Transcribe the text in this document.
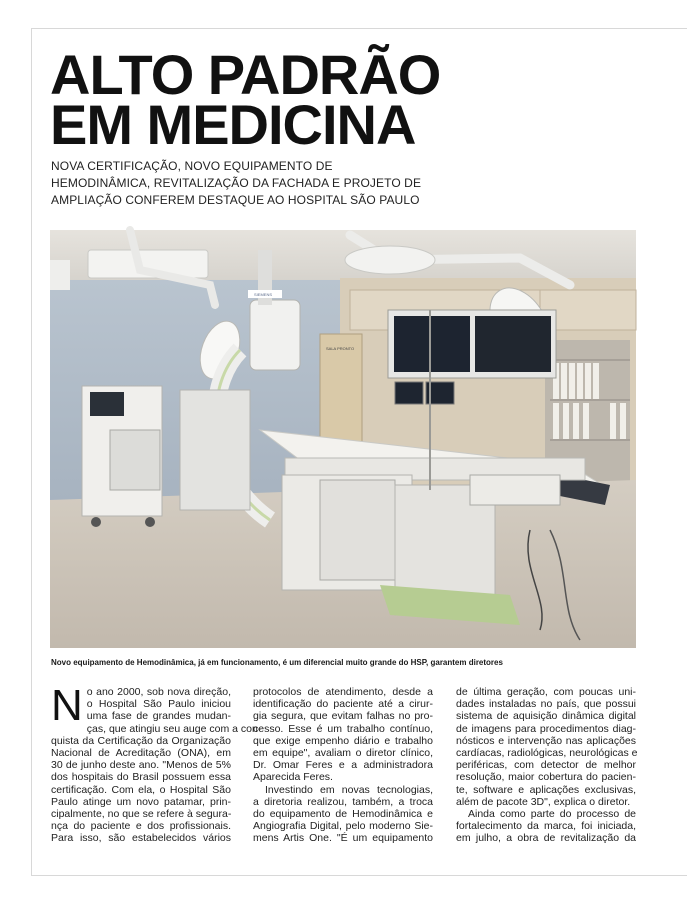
ALTO PADRÃO
EM MEDICINA

NOVA CERTIFICAÇÃO, NOVO EQUIPAMENTO DE
HEMODINÂMICA, REVITALIZAÇÃO DA FACHADA E PROJETO DE
AMPLIAÇÃO CONFEREM DESTAQUE AO HOSPITAL SÃO PAULO

SALA PRONTO
SIEMENS

Novo equipamento de Hemodinâmica, já em funcionamento, é um diferencial muito grande do HSP, garantem diretores

N o ano 2000, sob nova direção,
o Hospital São Paulo iniciou
uma fase de grandes mudan-
ças, que atingiu seu auge com a con-
quista da Certificação da Organização
Nacional de Acreditação (ONA), em
30 de junho deste ano. "Menos de 5%
dos hospitais do Brasil possuem essa
certificação. Com ela, o Hospital São
Paulo atinge um novo patamar, prin-
cipalmente, no que se refere à segura-
nça do paciente e dos profissionais.
Para isso, são estabelecidos vários
protocolos de atendimento, desde a
identificação do paciente até a cirur-
gia segura, que evitam falhas no pro-
cesso. Esse é um trabalho contínuo,
que exige empenho diário e trabalho
em equipe", avaliam o diretor clínico,
Dr. Omar Feres e a administradora
Aparecida Feres.
Investindo em novas tecnologias,
a diretoria realizou, também, a troca
do equipamento de Hemodinâmica e
Angiografia Digital, pelo moderno Sie-
mens Artis One. "É um equipamento
de última geração, com poucas uni-
dades instaladas no país, que possui
sistema de aquisição dinâmica digital
de imagens para procedimentos diag-
nósticos e intervenção nas aplicações
cardíacas, radiológicas, neurológicas e
periféricas, com detector de melhor
resolução, maior cobertura do pacien-
te, software e aplicações exclusivas,
além de pacote 3D", explica o diretor.
Ainda como parte do processo de
fortalecimento da marca, foi iniciada,
em julho, a obra de revitalização da
